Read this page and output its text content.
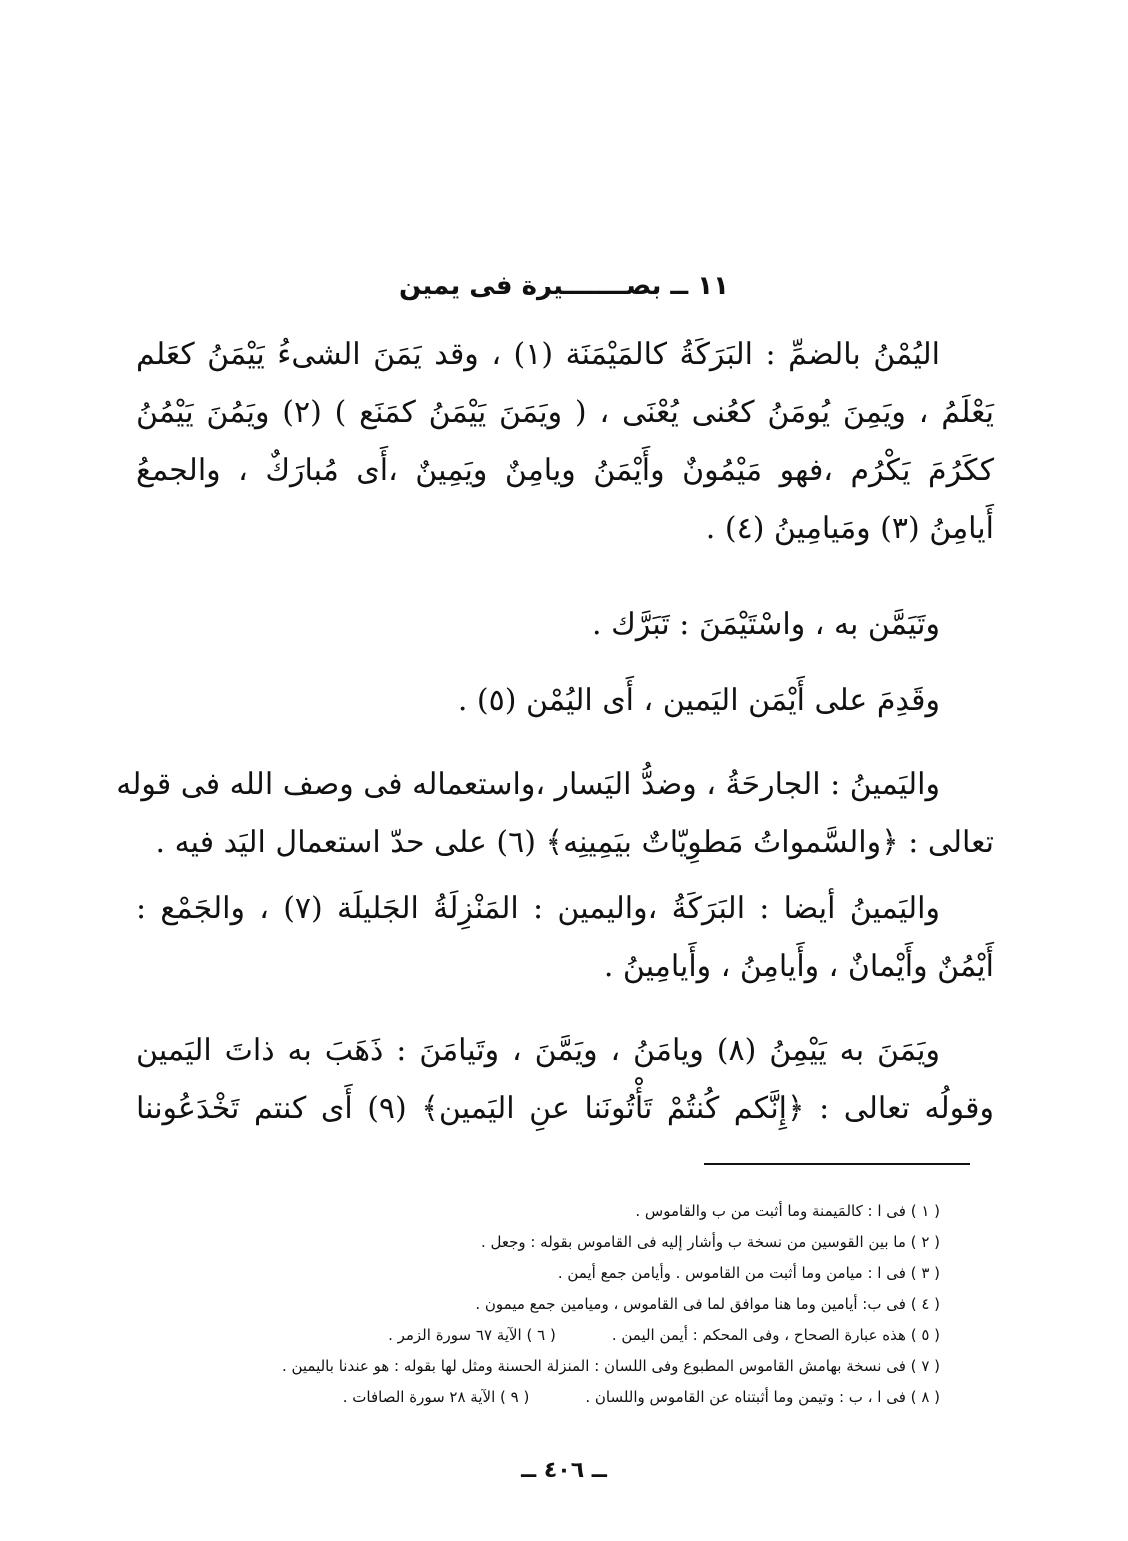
١١ ــ بصـــــــيرة فى يمين
اليُمْنُ بالضمِّ : البَرَكَةُ كالمَيْمَنَة (١) ، وقد يَمَنَ الشىءُ يَيْمَنُ كعَلم
يَعْلَمُ ، ويَمِنَ يُومَنُ كعُنى يُعْنَى ، ( ويَمَنَ يَيْمَنُ كمَنَع ) (٢) ويَمُنَ يَيْمُنُ
ككَرُمَ يَكْرُم ،فهو مَيْمُونٌ وأَيْمَنُ ويامِنٌ ويَمِينٌ ،أَى مُبارَكٌ ، والجمعُ
أَيامِنُ (٣) ومَيامِينُ (٤) .
وتَيَمَّن به ، واسْتَيْمَنَ : تَبَرَّك .
وقَدِمَ على أَيْمَن اليَمين ، أَى اليُمْن (٥) .
واليَمينُ : الجارحَةُ ، وضدُّ اليَسار ،واستعماله فى وصف الله فى قوله
تعالى : ﴿والسَّمواتُ مَطوِيّاتٌ بيَمِينِه﴾ (٦) على حدّ استعمال اليَد فيه .
واليَمينُ أيضا : البَرَكَةُ ،واليمين : المَنْزِلَةُ الجَليلَة (٧) ، والجَمْع :
أَيْمُنٌ وأَيْمانٌ ، وأَيامِنُ ، وأَيامِينُ .
ويَمَنَ به يَيْمِنُ (٨) ويامَنُ ، ويَمَّنَ ، وتَيامَنَ : ذَهَبَ به ذاتَ اليَمين
وقولُه تعالى : ﴿إِنَّكم كُنتُمْ تَأْتُونَنا عنِ اليَمين﴾ (٩) أَى كنتم تَخْدَعُوننا
( ١ ) فى ا : كالمَيمنة وما أثبت من ب والقاموس .
( ٢ ) ما بين القوسين من نسخة ب وأشار إليه فى القاموس بقوله : وجعل .
( ٣ ) فى ا : ميامن وما أثبت من القاموس . وأيامن جمع أيمن .
( ٤ ) فى ب: أيامين وما هنا موافق لما فى القاموس ، وميامين جمع ميمون .
( ٥ ) هذه عبارة الصحاح ، وفى المحكم : أيمن اليمن .( ٦ ) الآية ٦٧ سورة الزمر .
( ٧ ) فى نسخة بهامش القاموس المطبوع وفى اللسان : المنزلة الحسنة ومثل لها بقوله : هو عندنا باليمين .
( ٨ ) فى ا ، ب : وتيمن وما أثبتناه عن القاموس واللسان .( ٩ ) الآية ٢٨ سورة الصافات .
ــ ٤٠٦ ــ
